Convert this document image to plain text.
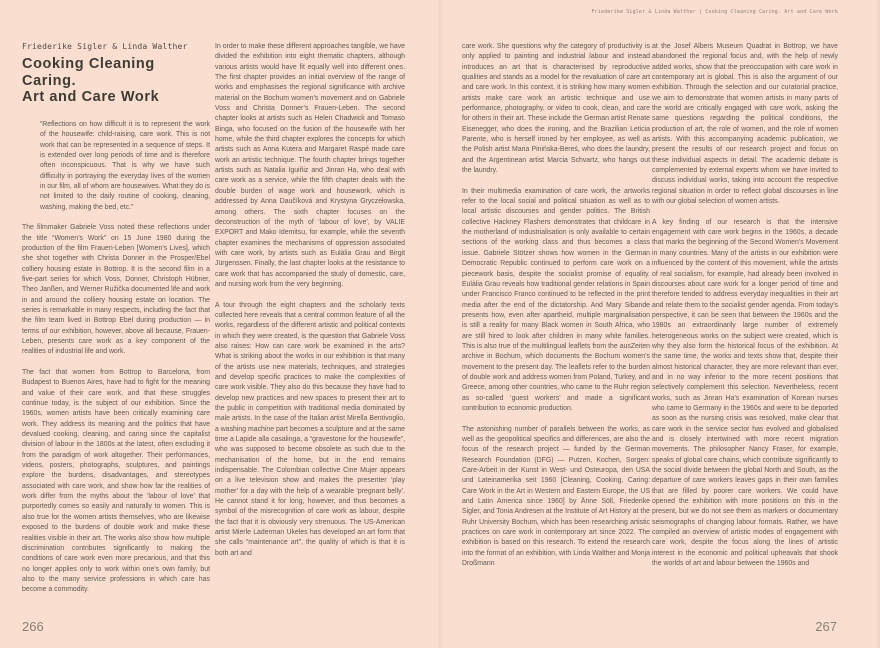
Friederike Sigler & Linda Walther | Cooking Cleaning Caring. Art and Care Work
Friederike Sigler & Linda Walther
Cooking Cleaning Caring.
Art and Care Work

“Reflections on how difficult it is to represent the work of the housewife: child-raising, care work. This is not work that can be represented in a sequence of steps. It is extended over long periods of time and is therefore often inconspicuous. That is why we have such difficulty in portraying the everyday lives of the women in our film, all of whom are housewives. What they do is not limited to the daily routine of cooking, cleaning, washing, making the bed, etc.”

The filmmaker Gabriele Voss noted these reflections under the title “Women’s Work” on 15 June 1980 during the production of the film Frauen-Leben [Women’s Lives], which she shot together with Christa Donner in the Prosper/Ebel colliery housing estate in Bottrop. It is the second film in a five-part series for which Voss, Donner, Christoph Hübner, Theo Janßen, and Werner Ružička documented life and work in and around the colliery housing estate on location. The series is remarkable in many respects, including the fact that the film team lived in Bottrop Ebel during production — in terms of our exhibition, however, above all because, Frauen-Leben, presents care work as a key component of the realities of industrial life and work.

The fact that women from Bottrop to Barcelona, from Budapest to Buenos Aires, have had to fight for the meaning and value of their care work, and that these struggles continue today, is the subject of our exhibition. Since the 1960s, women artists have been critically examining care work. They address its meaning and the politics that have devalued cooking, cleaning, and caring since the capitalist division of labour in the 1800s at the latest, often excluding it from the paradigm of work altogether. Their performances, videos, posters, photographs, sculptures, and paintings explore the burdens, disadvantages, and stereotypes associated with care work, and show how far the realities of work differ from the myths about the ‘labour of love’ that purportedly comes so easily and naturally to women. This is also true for the women artists themselves, who are likewise exposed to the burdens of double work and make these realities visible in their art. The works also show how multiple discrimination contributes significantly to making the conditions of care work even more precarious, and that this no longer applies only to work within one’s own family, but also to the many service professions in which care has become a commodity.

In order to make these different approaches tangible, we have divided the exhibition into eight thematic chapters, although various artists would have fit equally well into different ones. The first chapter provides an initial overview of the range of works and emphasises the regional significance with archive material on the Bochum women’s movement and on Gabriele Voss and Christa Donner’s Frauen-Leben. The second chapter looks at artists such as Helen Chadwick and Tomaso Binga, who focused on the fusion of the housewife with her home, while the third chapter explores the concepts for which artists such as Anna Kutera and Margaret Raspé made care work an artistic technique. The fourth chapter brings together artists such as Natalia Iguiñiz and Jinran Ha, who deal with care work as a service, while the fifth chapter deals with the double burden of wage work and housework, which is addressed by Anna Daučíková and Krystyna Gryczełowska, among others. The sixth chapter focuses on the deconstruction of the myth of ‘labour of love’, by VALIE EXPORT and Mako Idemitsu, for example, while the seventh chapter examines the mechanisms of oppression associated with care work, by artists such as Eulàlia Grau and Birgit Jürgenssen. Finally, the last chapter looks at the resistance to care work that has accompanied the study of domestic, care, and nursing work from the very beginning.

A tour through the eight chapters and the scholarly texts collected here reveals that a central common feature of all the works, regardless of the different artistic and political contexts in which they were created, is the question that Gabriele Voss also raises: How can care work be examined in the arts? What is striking about the works in our exhibition is that many of the artists use new materials, techniques, and strategies and develop specific practices to make the complexities of care work visible. They also do this because they have had to develop new practices and new spaces to present their art to the public in competition with traditional media dominated by male artists. In the case of the Italian artist Mirella Bentivoglio, a washing machine part becomes a sculpture and at the same time a Lapide alla casalinga, a “gravestone for the housewife”, who was supposed to become obsolete as such due to the mechanisation of the home, but in the end remains indispensable. The Colombian collective Cine Mujer appears on a live television show and makes the presenter ‘play mother’ for a day with the help of a wearable ‘pregnant belly’. He cannot stand it for long, however, and thus becomes a symbol of the misrecognition of care work as labour, despite the fact that it is obviously very strenuous. The US-American artist Mierle Laderman Ukeles has developed an art form that she calls “maintenance art”, the quality of which is that it is both art and

266

care work. She questions why the category of productivity is only applied to painting and industrial labour and instead introduces an art that is characterised by reproductive qualities and stands as a model for the revaluation of care art and care work. In this context, it is striking how many women artists make care work an artistic technique and use performance, photography, or video to cook, clean, and care for others in their art. These include the German artist Renate Eisenegger, who does the ironing, and the Brazilian Leticia Parente, who is herself ironed by her employee, as well as the Polish artist Maria Pinińska-Bereś, who does the laundry, and the Argentinean artist Marcia Schvartz, who hangs out the laundry.

In their multimedia examination of care work, the artworks refer to the local social and political situation as well as to local artistic discourses and gender politics. The British collective Hackney Flashers demonstrates that childcare in the motherland of industrialisation is only available to certain sections of the working class and thus becomes a class issue. Gabriele Stötzer shows how women in the German Democratic Republic continued to perform care work on a piecework basis, despite the socialist promise of equality. Eulàlia Grau reveals how traditional gender relations in Spain under Francisco Franco continued to be reflected in the print media after the end of the dictatorship. And Mary Sibande presents how, even after apartheid, multiple marginalisation is still a reality for many Black women in South Africa, who are still hired to look after children in many white families. This is also true of the multilingual leaflets from the ausZeiten archive in Bochum, which documents the Bochum women’s movement to the present day. The leaflets refer to the burden of double work and address women from Poland, Turkey, and Greece, among other countries, who came to the Ruhr region as so-called ‘guest workers’ and made a significant contribution to economic production.

The astonishing number of parallels between the works, as well as the geopolitical specifics and differences, are also the focus of the research project — funded by the German Research Foundation (DFG) — Putzen, Kochen, Sorgen: Care-Arbeit in der Kunst in West- und Osteuropa, den USA und Lateinamerika seit 1960 [Cleaning, Cooking, Caring: Care Work in the Art in Western and Eastern Europe, the US and Latin America since 1960] by Änne Söll, Friederike Sigler, and Tonia Andresen at the Institute of Art History at the Ruhr University Bochum, which has been researching artistic practices on care work in contemporary art since 2022. The exhibition is based on this research. To extend the research into the format of an exhibition, with Linda Walther and Monja Droßmann

at the Josef Albers Museum Quadrat in Bottrop, we have abandoned the regional focus and, with the help of newly added works, show that the preoccupation with care work in contemporary art is global. This is also the argument of our exhibition. Through the selection and our curatorial practice, we aim to demonstrate that women artists in many parts of the world are critically engaged with care work, asking the same questions regarding the political conditions, the production of art, the role of women, and the role of women artists. With this accompanying academic publication, we present the results of our research project and focus on these individual aspects in detail. The academic debate is complemented by external experts whom we have invited to discuss individual works, taking into account the respective regional situation in order to reflect global discourses in line with our global selection of women artists.

A key finding of our research is that the intensive engagement with care work begins in the 1960s, a decade that marks the beginning of the Second Women’s Movement in many countries. Many of the artists in our exhibition were influenced by the content of this movement, while the artists of real socialism, for example, had already been involved in discourses about care work for a longer period of time and therefore tended to address everyday inequalities in their art and relate them to the socialist gender agenda. From today’s perspective, it can be seen that between the 1960s and the 1980s an extraordinarily large number of extremely heterogeneous works on the subject were created, which is why they also form the historical focus of the exhibition. At the same time, the works and texts show that, despite their almost historical character, they are more relevant than ever, and in no way inferior to the more recent positions that selectively complement this selection. Nevertheless, recent works, such as Jinran Ha’s examination of Korean nurses who came to Germany in the 1960s and were to be deported as soon as the nursing crisis was resolved, make clear that care work in the service sector has evolved and globalised and is closely intertwined with more recent migration movements. The philosopher Nancy Fraser, for example, speaks of global care chains, which contribute significantly to the social divide between the global North and South, as the departure of care workers leaves gaps in their own families that are filled by poorer care workers. We could have opened the exhibition with more positions on this in the present, but we do not see them as markers or documentary seismographs of changing labour formats. Rather, we have compiled an overview of artistic modes of engagement with care work, despite the focus along the lines of artistic interest in the economic and political upheavals that shook the worlds of art and labour between the 1960s and

267
